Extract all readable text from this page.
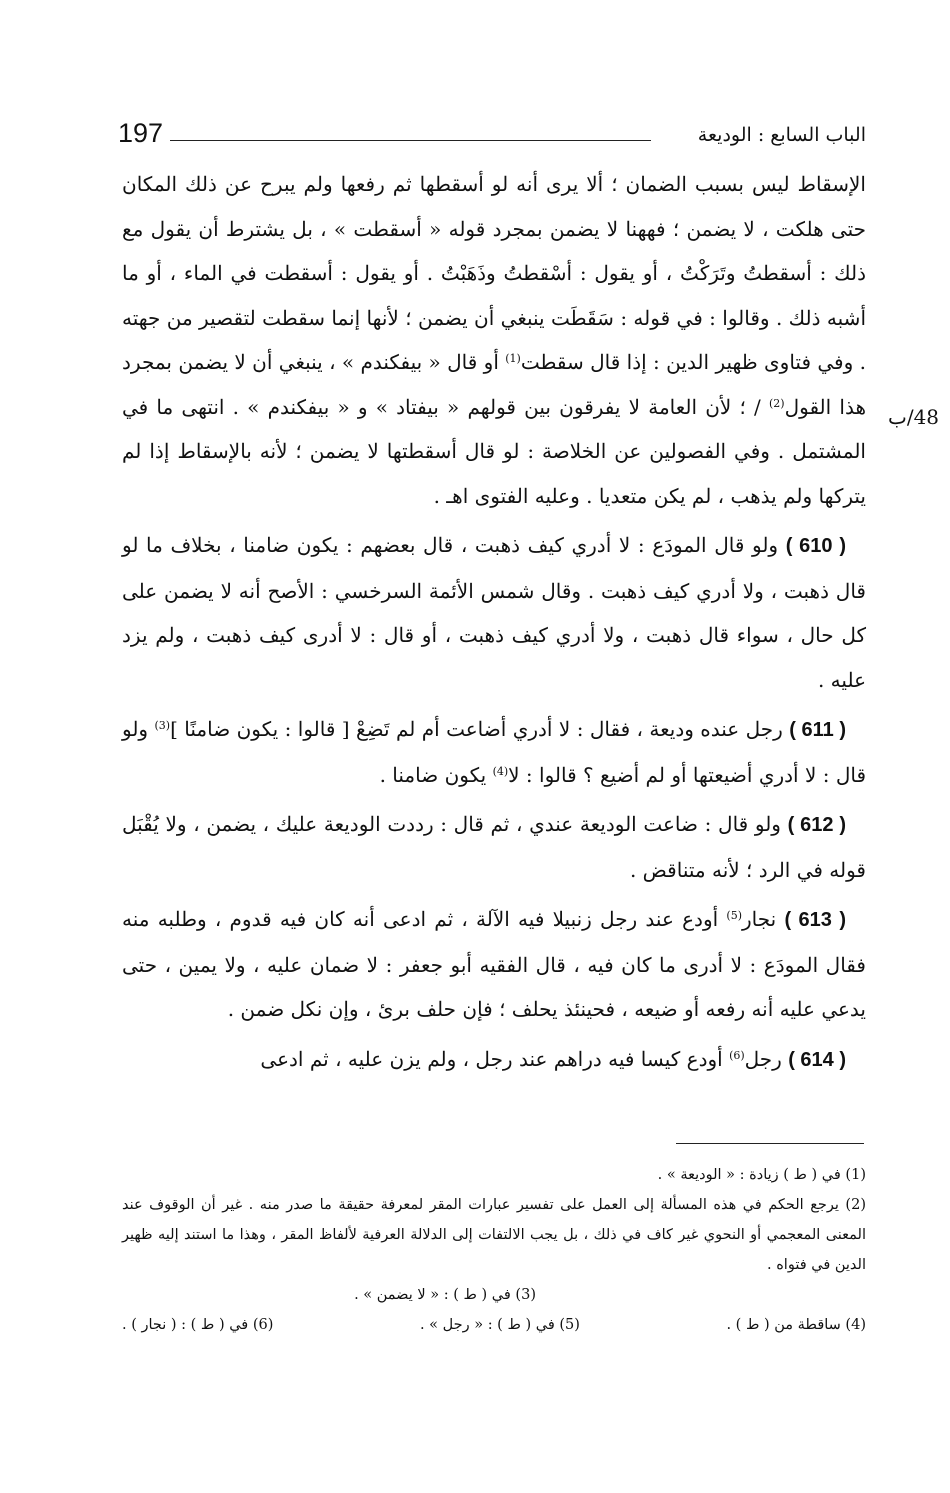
الباب السابع : الوديعة
197
48/ب

الإسقاط ليس بسبب الضمان ؛ ألا يرى أنه لو أسقطها ثم رفعها ولم يبرح عن ذلك المكان حتى هلكت ، لا يضمن ؛ فههنا لا يضمن بمجرد قوله « أسقطت » ، بل يشترط أن يقول مع ذلك : أسقطتُ وتَرَكْتُ ، أو يقول : أسْقطتُ وذَهَبْتُ . أو يقول : أسقطت في الماء ، أو ما أشبه ذلك . وقالوا : في قوله : سَقَطَت ينبغي أن يضمن ؛ لأنها إنما سقطت لتقصير من جهته . وفي فتاوى ظهير الدين : إذا قال سقطت$^{(1)}$ أو قال « بيفكندم » ، ينبغي أن لا يضمن بمجرد هذا القول$^{(2)}$ / ؛ لأن العامة لا يفرقون بين قولهم « بيفتاد » و « بيفكندم » . انتهى ما في المشتمل . وفي الفصولين عن الخلاصة : لو قال أسقطتها لا يضمن ؛ لأنه بالإسقاط إذا لم يتركها ولم يذهب ، لم يكن متعديا . وعليه الفتوى اهـ .

( 610 ) ولو قال المودَع : لا أدري كيف ذهبت ، قال بعضهم : يكون ضامنا ، بخلاف ما لو قال ذهبت ، ولا أدري كيف ذهبت . وقال شمس الأئمة السرخسي : الأصح أنه لا يضمن على كل حال ، سواء قال ذهبت ، ولا أدري كيف ذهبت ، أو قال : لا أدرى كيف ذهبت ، ولم يزد عليه .

( 611 ) رجل عنده وديعة ، فقال : لا أدري أضاعت أم لم تَضِعْ [ قالوا : يكون ضامنًا ]$^{(3)}$ ولو قال : لا أدري أضيعتها أو لم أضيع ؟ قالوا : لا$^{(4)}$ يكون ضامنا .

( 612 ) ولو قال : ضاعت الوديعة عندي ، ثم قال : رددت الوديعة عليك ، يضمن ، ولا يُقْبَل قوله في الرد ؛ لأنه متناقض .

( 613 ) نجار$^{(5)}$ أودع عند رجل زنبيلا فيه الآلة ، ثم ادعى أنه كان فيه قدوم ، وطلبه منه فقال المودَع : لا أدرى ما كان فيه ، قال الفقيه أبو جعفر : لا ضمان عليه ، ولا يمين ، حتى يدعي عليه أنه رفعه أو ضيعه ، فحينئذ يحلف ؛ فإن حلف برئ ، وإن نكل ضمن .

( 614 ) رجل$^{(6)}$ أودع كيسا فيه دراهم عند رجل ، ولم يزن عليه ، ثم ادعى

(1) في ( ط ) زيادة : « الوديعة » .

(2) يرجع الحكم في هذه المسألة إلى العمل على تفسير عبارات المقر لمعرفة حقيقة ما صدر منه . غير أن الوقوف عند المعنى المعجمي أو النحوي غير كاف في ذلك ، بل يجب الالتفات إلى الدلالة العرفية لألفاظ المقر ، وهذا ما استند إليه ظهير الدين في فتواه .

(3) في ( ط ) : « لا يضمن » .

(4) ساقطة من ( ط ) .
(5) في ( ط ) : « رجل » .
(6) في ( ط ) : ( نجار ) .
